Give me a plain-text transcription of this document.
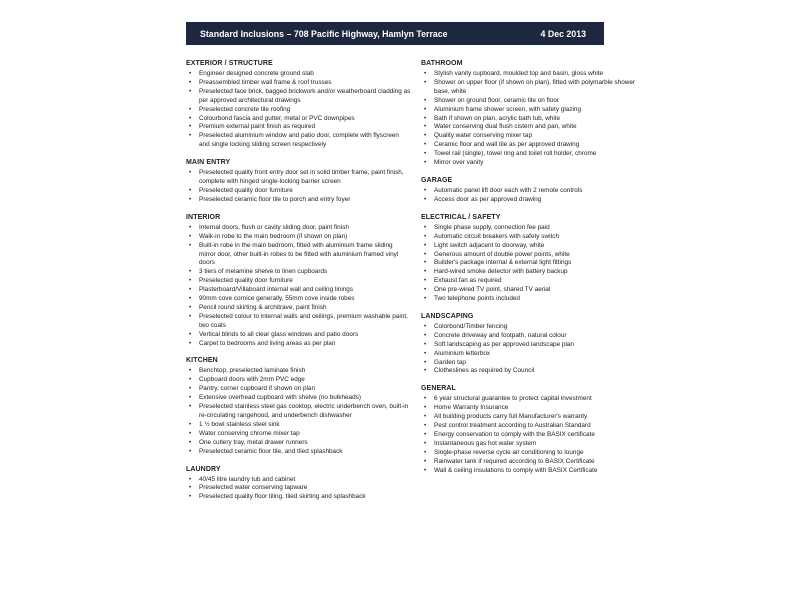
Standard Inclusions – 708 Pacific Highway, Hamlyn Terrace	4 Dec 2013
EXTERIOR / STRUCTURE
• Engineer designed concrete ground slab
• Preassembled timber wall frame & roof trusses
• Preselected face brick, bagged brickwork and/or weatherboard cladding as per approved architectural drawings
• Preselected concrete tile roofing
• Colourbond fascia and gutter, metal or PVC downpipes
• Premium external paint finish as required
• Preselected aluminium window and patio door, complete with flyscreen and single locking sliding screen respectively
MAIN ENTRY
• Preselected quality front entry door set in solid timber frame, paint finish, complete with hinged single-locking barrier screen
• Preselected quality door furniture
• Preselected ceramic floor tile to porch and entry foyer
INTERIOR
• Internal doors, flush or cavity sliding door, paint finish
• Walk-in robe to the main bedroom (if shown on plan)
• Built-in robe in the main bedroom, fitted with aluminium frame sliding mirror door, other built-in robes to be fitted with aluminium framed vinyl doors
• 3 tiers of melamine shelve to linen cupboards
• Preselected quality door furniture
• Plasterboard/Villaboard internal wall and ceiling linings
• 90mm cove cornice generally, 55mm cove inside robes
• Pencil round skirting & architrave, paint finish
• Preselected colour to internal walls and ceilings, premium washable paint, two coats
• Vertical blinds to all clear glass windows and patio doors
• Carpet to bedrooms and living areas as per plan
KITCHEN
• Benchtop, preselected laminate finish
• Cupboard doors with 2mm PVC edge
• Pantry, corner cupboard if shown on plan
• Extensive overhead cupboard with shelve (no bulkheads)
• Preselected stainless steel gas cooktop, electric underbench oven, built-in re-circulating rangehood, and underbench dishwasher
• 1 ½ bowl stainless steel sink
• Water conserving chrome mixer tap
• One cutlery tray, metal drawer runners
• Preselected ceramic floor tile, and tiled splashback
LAUNDRY
• 40/45 litre laundry tub and cabinet
• Preselected water conserving tapware
• Preselected quality floor tiling, tiled skirting and splashback
BATHROOM
• Stylish vanity cupboard, moulded top and basin, gloss white
• Shower on upper floor (if shown on plan), fitted with polymarble shower base, white
• Shower on ground floor, ceramic tile on floor
• Aluminium frame shower screen, with safety glazing
• Bath if shown on plan, acrylic bath tub, white
• Water conserving dual flush cistern and pan, white
• Quality water conserving mixer tap
• Ceramic floor and wall tile as per approved drawing
• Towel rail (single), towel ring and toilet roll holder, chrome
• Mirror over vanity
GARAGE
• Automatic panel lift door each with 2 remote controls
• Access door as per approved drawing
ELECTRICAL / SAFETY
• Single phase supply, connection fee paid
• Automatic circuit breakers with safety switch
• Light switch adjacent to doorway, white
• Generous amount of double power points, white
• Builder's package internal & external light fittings
• Hard-wired smoke detector with battery backup
• Exhaust fan as required
• One pre-wired TV point, shared TV aerial
• Two telephone points included
LANDSCAPING
• Colorbond/Timber fencing
• Concrete driveway and footpath, natural colour
• Soft landscaping as per approved landscape plan
• Aluminium letterbox
• Garden tap
• Clotheslines as required by Council
GENERAL
• 6 year structural guarantee to protect capital investment
• Home Warranty Insurance
• All building products carry full Manufacturer's warranty
• Pest control treatment according to Australian Standard
• Energy conservation to comply with the BASIX certificate
• Instantaneous gas hot water system
• Single-phase reverse cycle air conditioning to lounge
• Rainwater tank if required according to BASIX Certificate
• Wall & ceiling insulations to comply with BASIX Certificate
